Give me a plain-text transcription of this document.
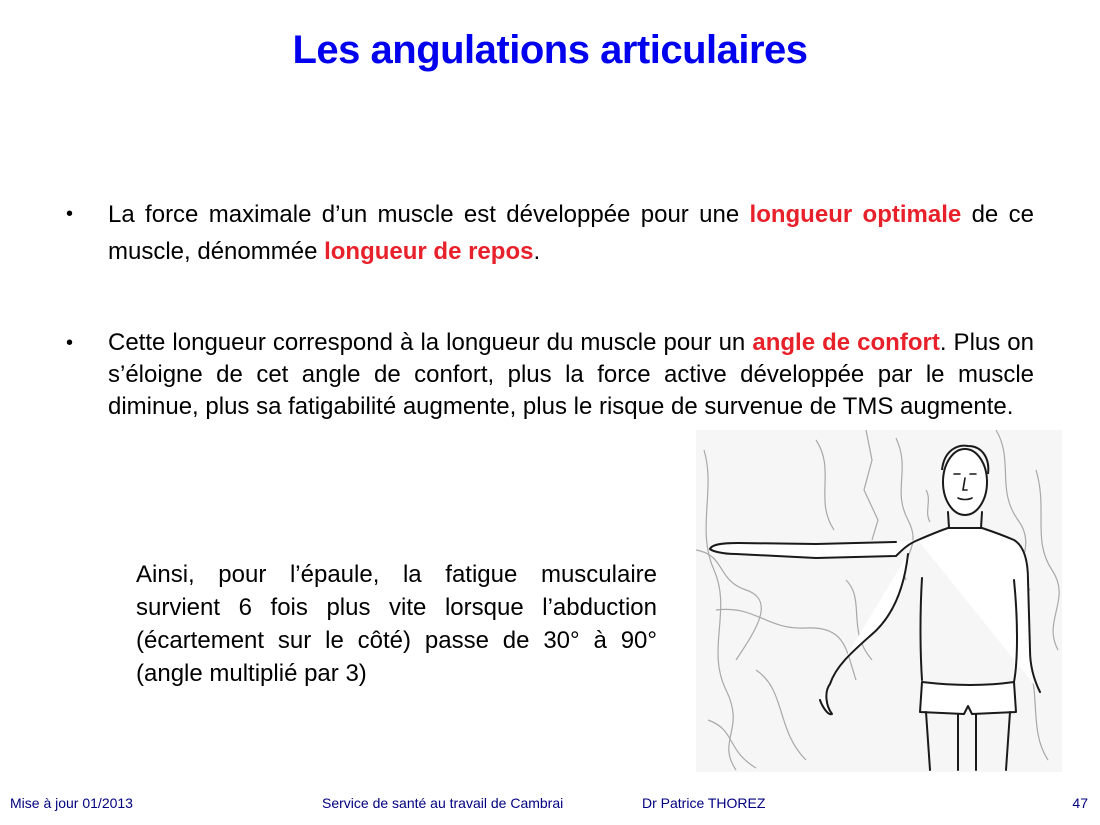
Les angulations articulaires
• La force maximale d’un muscle est développée pour une longueur optimale de ce muscle, dénommée longueur de repos.
• Cette longueur correspond à la longueur du muscle pour un angle de confort. Plus on s’éloigne de cet angle de confort, plus la force active développée par le muscle diminue, plus sa fatigabilité augmente, plus le risque de survenue de TMS augmente.
Ainsi, pour l’épaule, la fatigue musculaire survient 6 fois plus vite lorsque l’abduction (écartement sur le côté) passe de 30° à 90° (angle multiplié par 3)
Mise à jour 01/2013	Service de santé au travail de Cambrai	Dr Patrice THOREZ	47
